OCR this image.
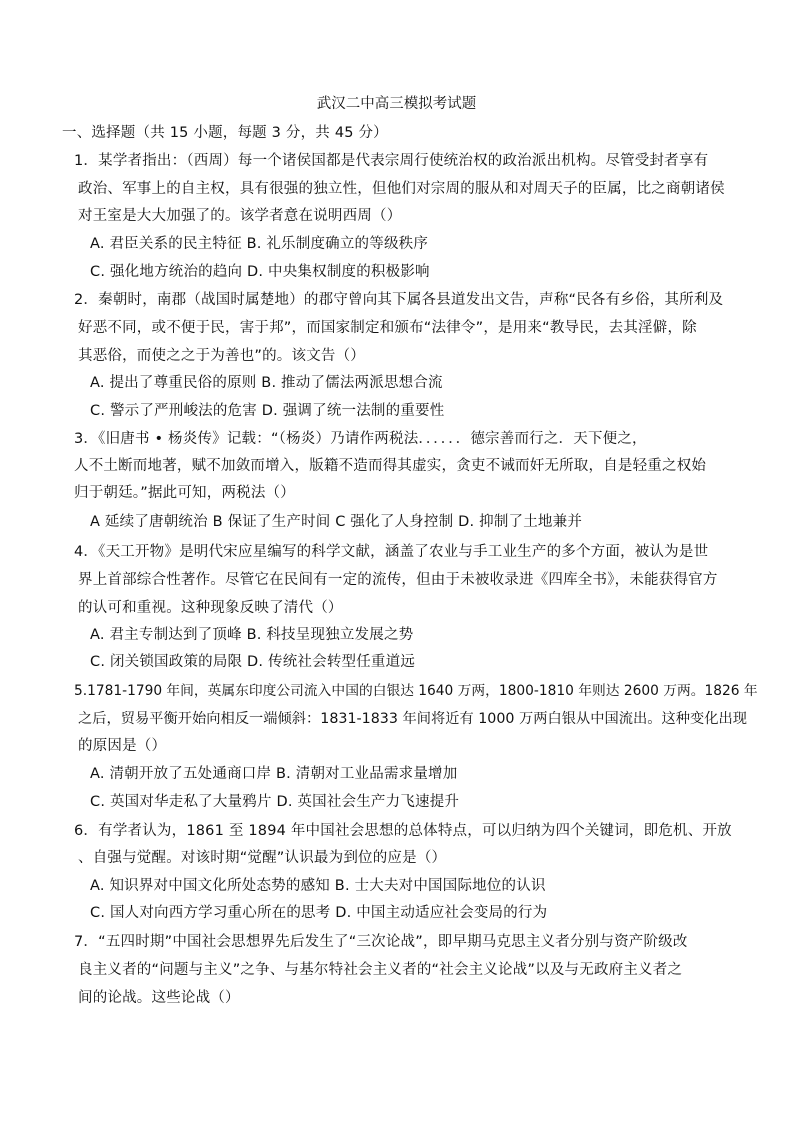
武汉二中高三模拟考试题
一、选择题（共 15 小题，每题 3 分，共 45 分）
1．某学者指出：（西周）每一个诸侯国都是代表宗周行使统治权的政治派出机构。尽管受封者享有
政治、军事上的自主权，具有很强的独立性，但他们对宗周的服从和对周天子的臣属，比之商朝诸侯
对王室是大大加强了的。该学者意在说明西周（）
A. 君臣关系的民主特征 B. 礼乐制度确立的等级秩序
C. 强化地方统治的趋向 D. 中央集权制度的积极影响
2．秦朝时，南郡（战国时属楚地）的郡守曾向其下属各县道发出文告，声称“民各有乡俗，其所利及
好恶不同，或不便于民，害于邦”，而国家制定和颁布“法律令”，是用来“教导民，去其淫僻，除
其恶俗，而使之之于为善也”的。该文告（）
A. 提出了尊重民俗的原则 B. 推动了儒法两派思想合流
C. 警示了严刑峻法的危害 D. 强调了统一法制的重要性
3．《旧唐书 • 杨炎传》记载：“（杨炎）乃请作两税法．．．．．．德宗善而行之．天下便之，
人不土断而地著，赋不加敛而增入，版籍不造而得其虚实，贪吏不诫而奸无所取，自是轻重之权始
归于朝廷。”据此可知，两税法（）
A 延续了唐朝统治 B 保证了生产时间 C 强化了人身控制 D. 抑制了土地兼并
4．《天工开物》是明代宋应星编写的科学文献，涵盖了农业与手工业生产的多个方面，被认为是世
界上首部综合性著作。尽管它在民间有一定的流传，但由于未被收录进《四库全书》，未能获得官方
的认可和重视。这种现象反映了清代（）
A. 君主专制达到了顶峰 B. 科技呈现独立发展之势
C. 闭关锁国政策的局限 D. 传统社会转型任重道远
5.1781-1790 年间，英属东印度公司流入中国的白银达 1640 万两，1800-1810 年则达 2600 万两。1826 年
之后，贸易平衡开始向相反一端倾斜：1831-1833 年间将近有 1000 万两白银从中国流出。这种变化出现
的原因是（）
A. 清朝开放了五处通商口岸 B. 清朝对工业品需求量增加
C. 英国对华走私了大量鸦片 D. 英国社会生产力飞速提升
6．有学者认为，1861 至 1894 年中国社会思想的总体特点，可以归纳为四个关键词，即危机、开放
、自强与觉醒。对该时期“觉醒”认识最为到位的应是（）
A. 知识界对中国文化所处态势的感知 B. 士大夫对中国国际地位的认识
C. 国人对向西方学习重心所在的思考 D. 中国主动适应社会变局的行为
7．“五四时期”中国社会思想界先后发生了“三次论战”，即早期马克思主义者分别与资产阶级改
良主义者的“问题与主义”之争、与基尔特社会主义者的“社会主义论战”以及与无政府主义者之
间的论战。这些论战（）
